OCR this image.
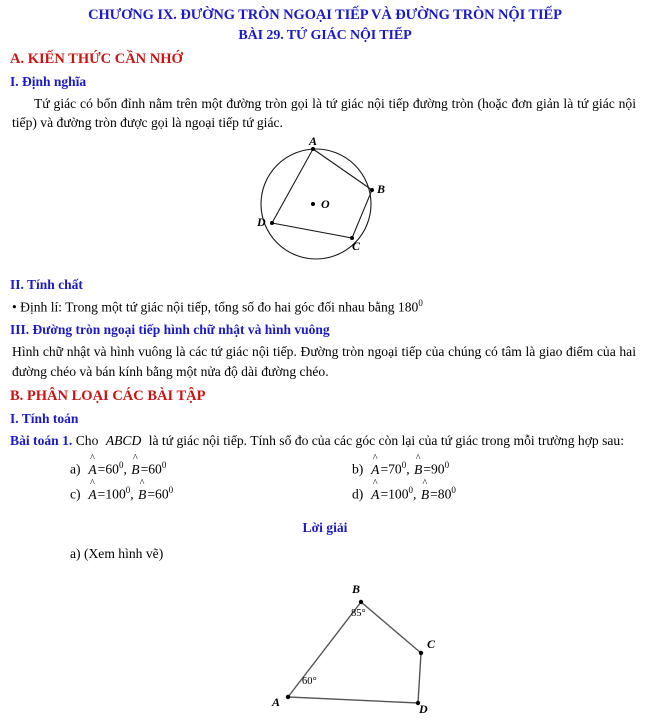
CHƯƠNG IX. ĐƯỜNG TRÒN NGOẠI TIẾP VÀ ĐƯỜNG TRÒN NỘI TIẾP
BÀI 29. TỨ GIÁC NỘI TIẾP
A. KIẾN THỨC CẦN NHỚ
I. Định nghĩa
Tứ giác có bốn đỉnh nằm trên một đường tròn gọi là tứ giác nội tiếp đường tròn (hoặc đơn giản là tứ giác nội tiếp) và đường tròn được gọi là ngoại tiếp tứ giác.
A
B
C
D
O
II. Tính chất
• Định lí: Trong một tứ giác nội tiếp, tổng số đo hai góc đối nhau bằng $180^0$
III. Đường tròn ngoại tiếp hình chữ nhật và hình vuông
Hình chữ nhật và hình vuông là các tứ giác nội tiếp. Đường tròn ngoại tiếp của chúng có tâm là giao điểm của hai đường chéo và bán kính bằng một nửa độ dài đường chéo.
B. PHÂN LOẠI CÁC BÀI TẬP
I. Tính toán
Bài toán 1. Cho ABCD là tứ giác nội tiếp. Tính số đo của các góc còn lại của tứ giác trong mỗi trường hợp sau:
a) ^ $A=60^0$, ^ $B=60^0$	b) ^ $A=70^0$, ^ $B=90^0$
c) ^ $A=100^0$, ^ $B=60^0$	d) ^ $A=100^0$, ^ $B=80^0$
Lời giải
a) (Xem hình vẽ)
B
C
D
A
85°
60°
